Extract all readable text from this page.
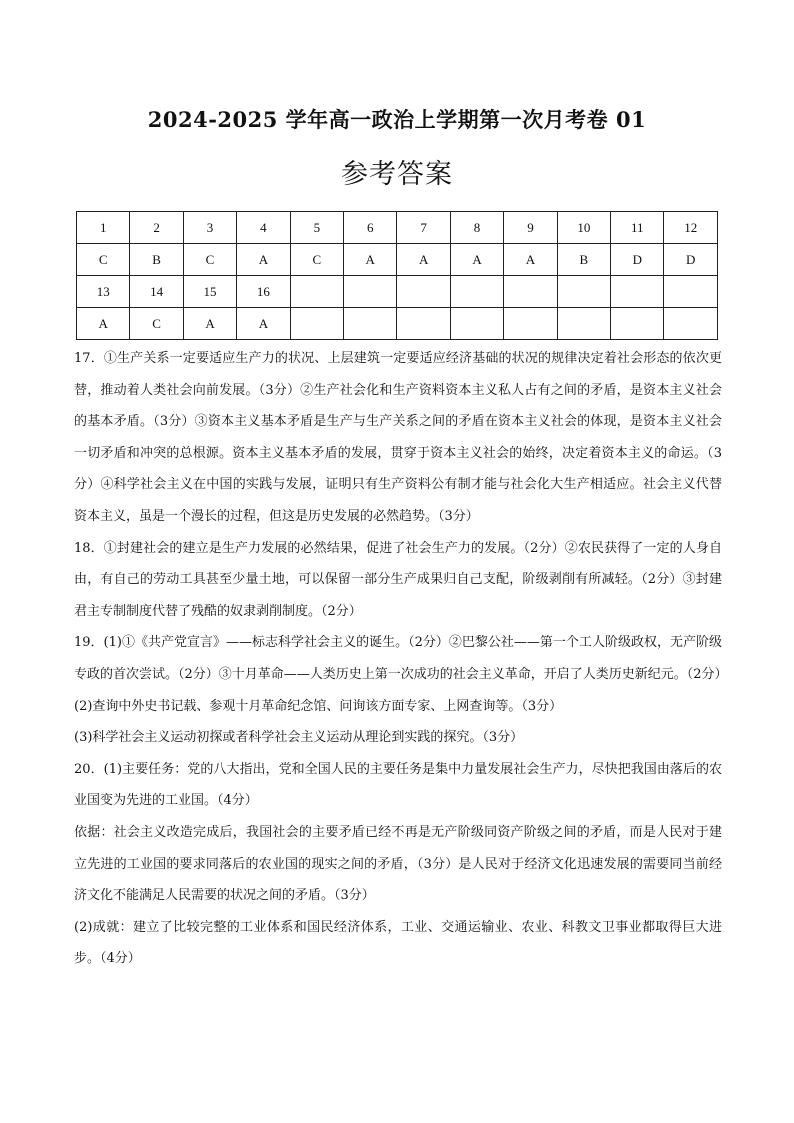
2024-2025 学年高一政治上学期第一次月考卷 01
参考答案
1	2	3	4	5	6	7	8	9	10	11	12
C	B	C	A	C	A	A	A	A	B	D	D
13	14	15	16								
A	C	A	A								

17．①生产关系一定要适应生产力的状况、上层建筑一定要适应经济基础的状况的规律决定着社会形态的依次更替，推动着人类社会向前发展。（3分）②生产社会化和生产资料资本主义私人占有之间的矛盾，是资本主义社会的基本矛盾。（3分）③资本主义基本矛盾是生产与生产关系之间的矛盾在资本主义社会的体现，是资本主义社会一切矛盾和冲突的总根源。资本主义基本矛盾的发展，贯穿于资本主义社会的始终，决定着资本主义的命运。（3分）④科学社会主义在中国的实践与发展，证明只有生产资料公有制才能与社会化大生产相适应。社会主义代替资本主义，虽是一个漫长的过程，但这是历史发展的必然趋势。（3分）

18．①封建社会的建立是生产力发展的必然结果，促进了社会生产力的发展。（2分）②农民获得了一定的人身自由，有自己的劳动工具甚至少量土地，可以保留一部分生产成果归自己支配，阶级剥削有所减轻。（2分）③封建君主专制制度代替了残酷的奴隶剥削制度。（2分）

19．(1)①《共产党宣言》——标志科学社会主义的诞生。（2分）②巴黎公社——第一个工人阶级政权，无产阶级专政的首次尝试。（2分）③十月革命——人类历史上第一次成功的社会主义革命，开启了人类历史新纪元。（2分）

(2)查询中外史书记载、参观十月革命纪念馆、问询该方面专家、上网查询等。（3分）

(3)科学社会主义运动初探或者科学社会主义运动从理论到实践的探究。（3分）

20．(1)主要任务：党的八大指出，党和全国人民的主要任务是集中力量发展社会生产力，尽快把我国由落后的农业国变为先进的工业国。（4分）

依据：社会主义改造完成后，我国社会的主要矛盾已经不再是无产阶级同资产阶级之间的矛盾，而是人民对于建立先进的工业国的要求同落后的农业国的现实之间的矛盾，（3分）是人民对于经济文化迅速发展的需要同当前经济文化不能满足人民需要的状况之间的矛盾。（3分）

(2)成就：建立了比较完整的工业体系和国民经济体系，工业、交通运输业、农业、科教文卫事业都取得巨大进步。（4分）
